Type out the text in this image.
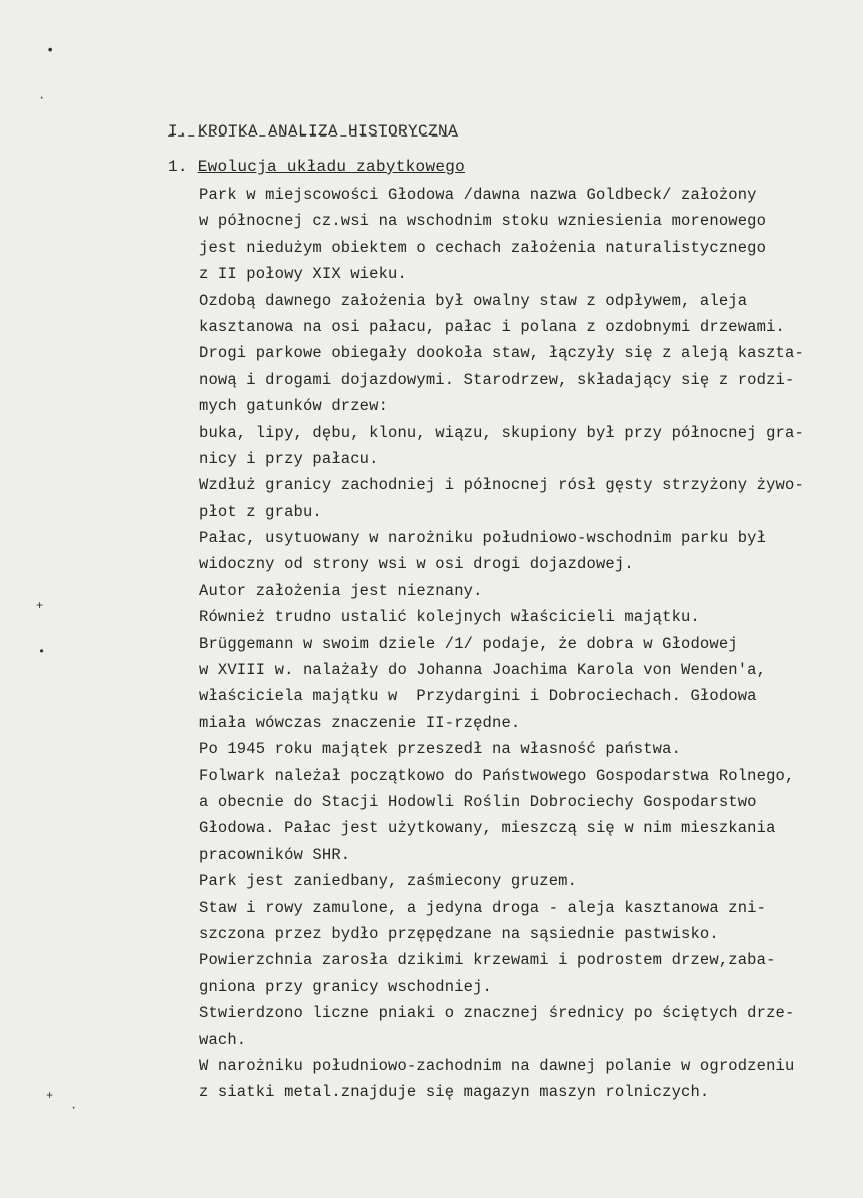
•
·
+
•
+
·
I. KROTKA ANALIZA HISTORYCZNA
1. Ewolucja układu zabytkowego
Park w miejscowości Głodowa /dawna nazwa Goldbeck/ założony
w północnej cz.wsi na wschodnim stoku wzniesienia morenowego
jest niedużym obiektem o cechach założenia naturalistycznego
z II połowy XIX wieku.
Ozdobą dawnego założenia był owalny staw z odpływem, aleja
kasztanowa na osi pałacu, pałac i polana z ozdobnymi drzewami.
Drogi parkowe obiegały dookoła staw, łączyły się z aleją kaszta-
nową i drogami dojazdowymi. Starodrzew, składający się z rodzi-
mych gatunków drzew:
buka, lipy, dębu, klonu, wiązu, skupiony był przy północnej gra-
nicy i przy pałacu.
Wzdłuż granicy zachodniej i północnej rósł gęsty strzyżony żywo-
płot z grabu.
Pałac, usytuowany w narożniku południowo-wschodnim parku był
widoczny od strony wsi w osi drogi dojazdowej.
Autor założenia jest nieznany.
Również trudno ustalić kolejnych właścicieli majątku.
Brüggemann w swoim dziele /1/ podaje, że dobra w Głodowej
w XVIII w. nalażały do Johanna Joachima Karola von Wenden'a,
właściciela majątku w  Przydargini i Dobrociechach. Głodowa
miała wówczas znaczenie II-rzędne.
Po 1945 roku majątek przeszedł na własność państwa.
Folwark należał początkowo do Państwowego Gospodarstwa Rolnego,
a obecnie do Stacji Hodowli Roślin Dobrociechy Gospodarstwo
Głodowa. Pałac jest użytkowany, mieszczą się w nim mieszkania
pracowników SHR.
Park jest zaniedbany, zaśmiecony gruzem.
Staw i rowy zamulone, a jedyna droga - aleja kasztanowa zni-
szczona przez bydło przępędzane na sąsiednie pastwisko.
Powierzchnia zarosła dzikimi krzewami i podrostem drzew,zaba-
gniona przy granicy wschodniej.
Stwierdzono liczne pniaki o znacznej średnicy po ściętych drze-
wach.
W narożniku południowo-zachodnim na dawnej polanie w ogrodzeniu
z siatki metal.znajduje się magazyn maszyn rolniczych.
